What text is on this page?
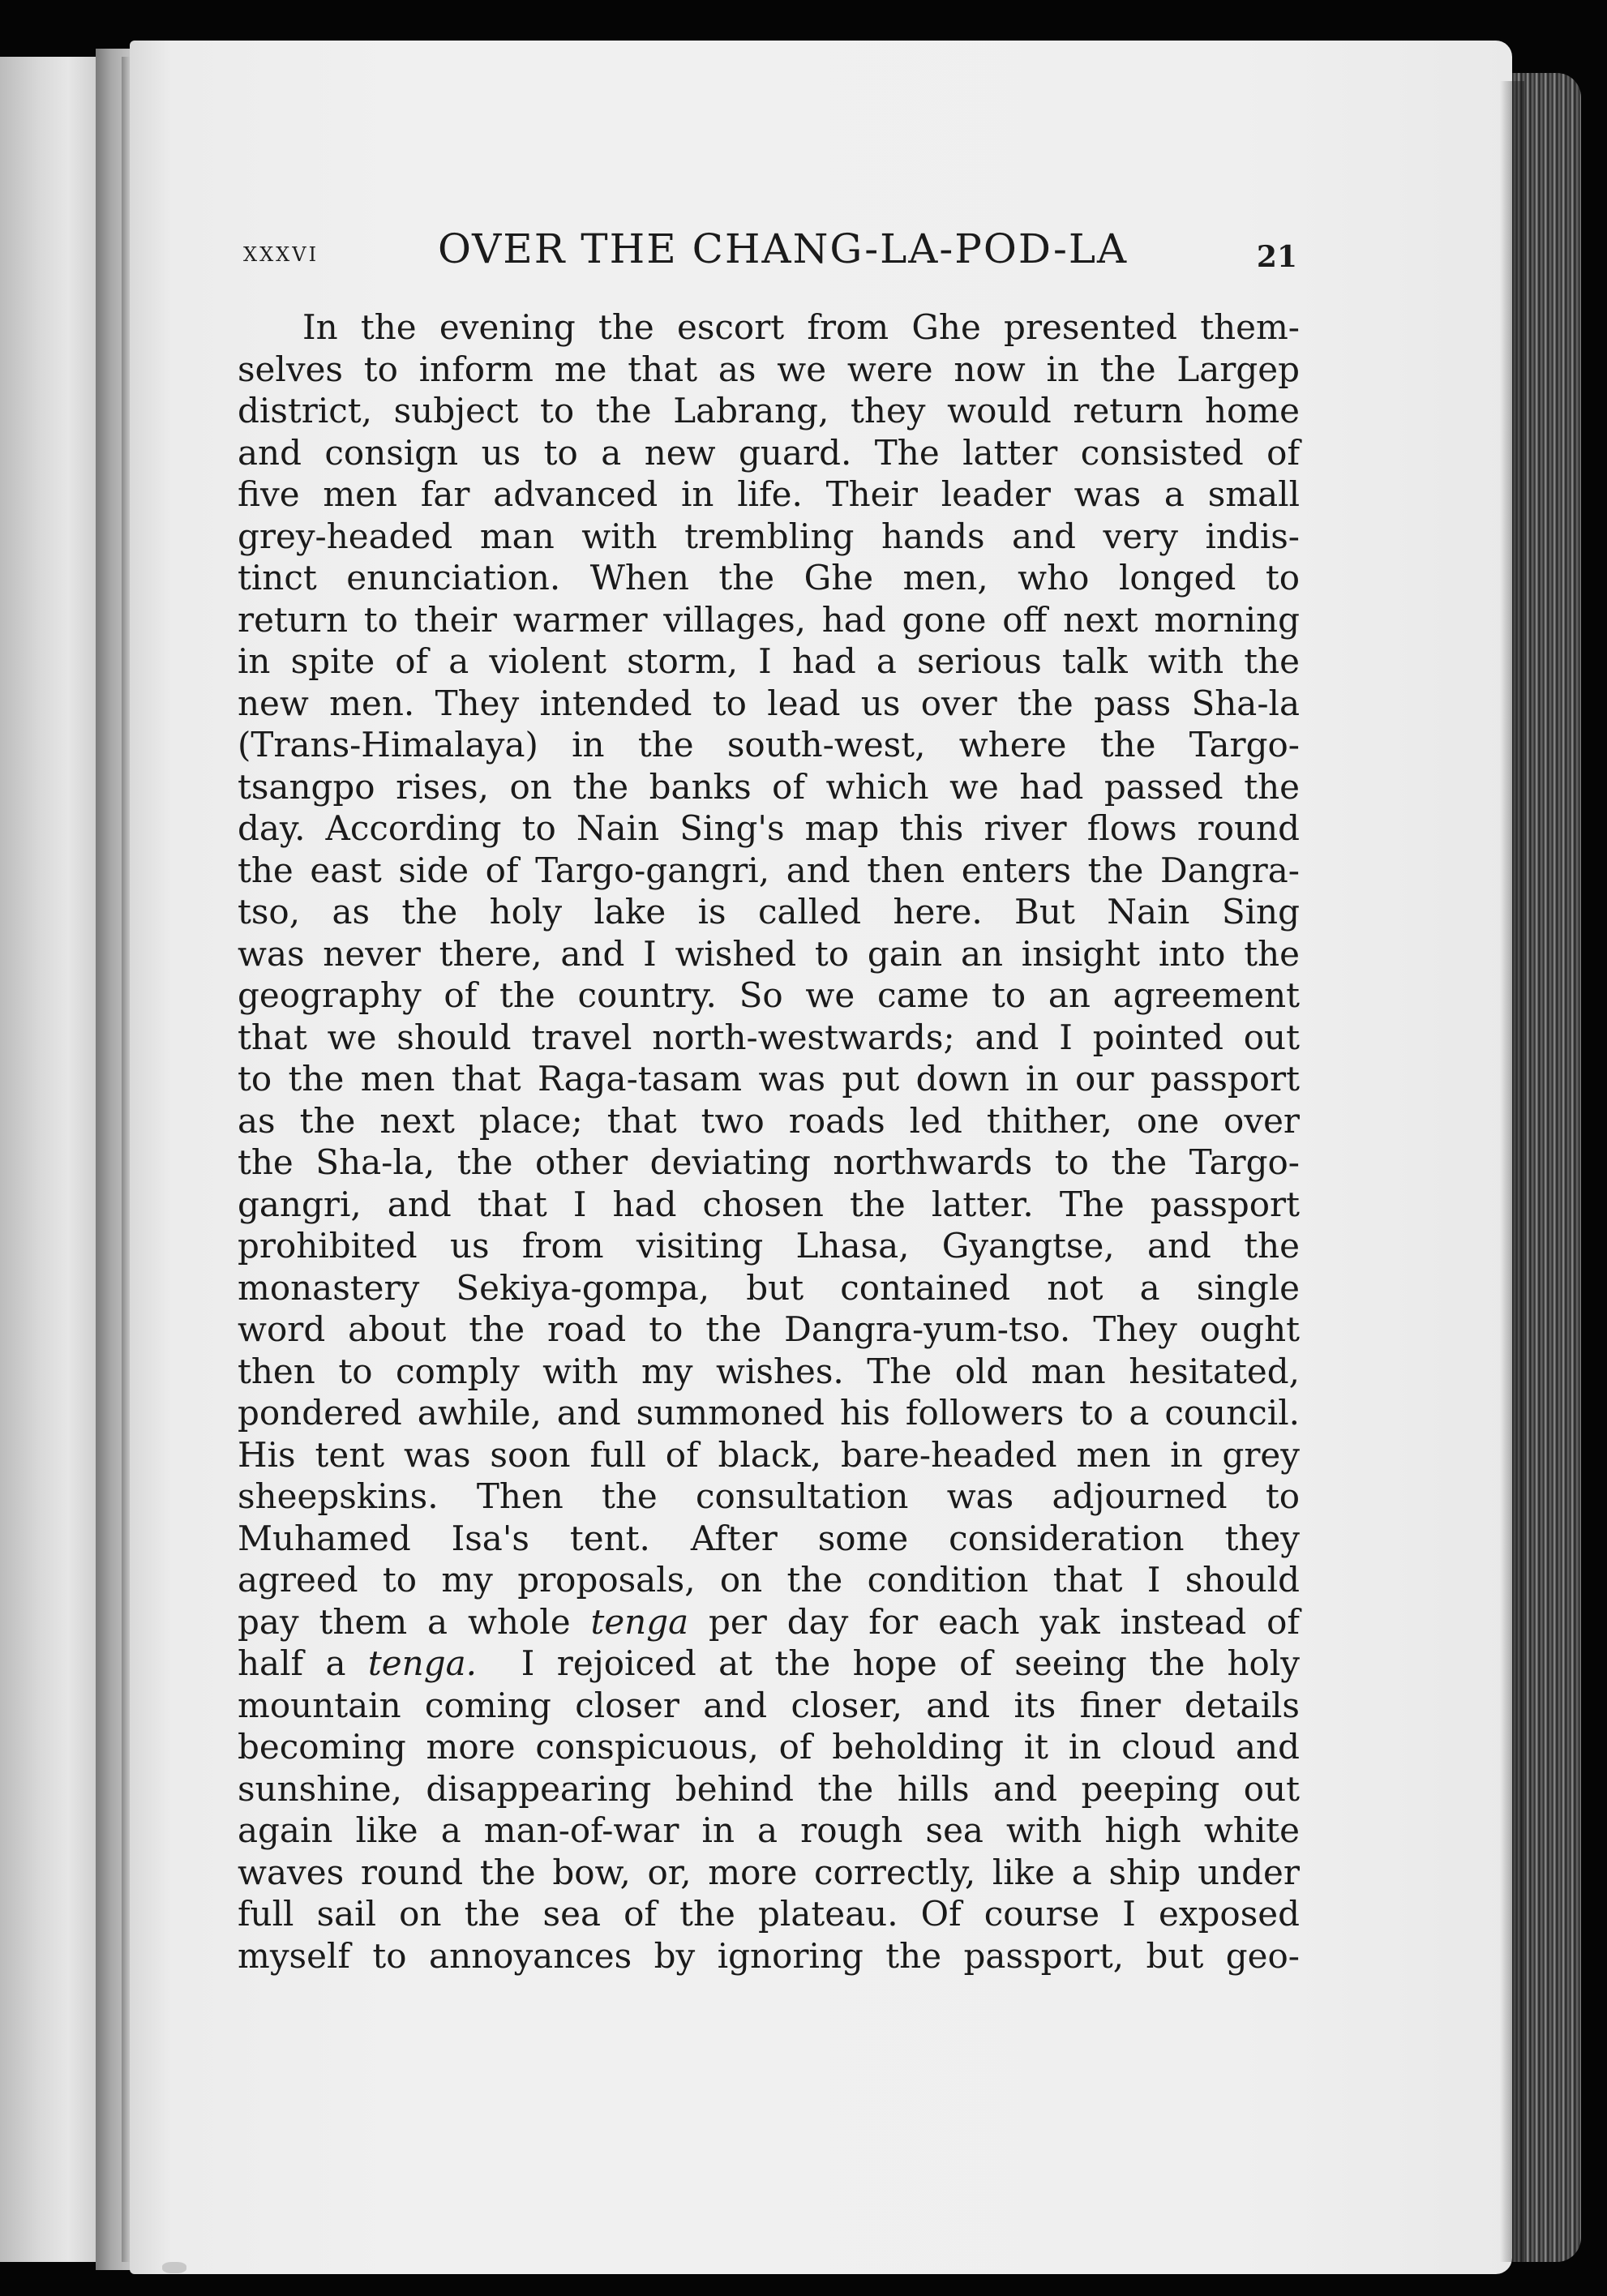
XXXVI	OVER THE CHANG-LA-POD-LA	21
In the evening the escort from Ghe presented them-
selves to inform me that as we were now in the Largep
district, subject to the Labrang, they would return home
and consign us to a new guard. The latter consisted of
five men far advanced in life. Their leader was a small
grey-headed man with trembling hands and very indis-
tinct enunciation. When the Ghe men, who longed to
return to their warmer villages, had gone off next morning
in spite of a violent storm, I had a serious talk with the
new men. They intended to lead us over the pass Sha-la
(Trans-Himalaya) in the south-west, where the Targo-
tsangpo rises, on the banks of which we had passed the
day. According to Nain Sing's map this river flows round
the east side of Targo-gangri, and then enters the Dangra-
tso, as the holy lake is called here. But Nain Sing
was never there, and I wished to gain an insight into the
geography of the country. So we came to an agreement
that we should travel north-westwards; and I pointed out
to the men that Raga-tasam was put down in our passport
as the next place; that two roads led thither, one over
the Sha-la, the other deviating northwards to the Targo-
gangri, and that I had chosen the latter. The passport
prohibited us from visiting Lhasa, Gyangtse, and the
monastery Sekiya-gompa, but contained not a single
word about the road to the Dangra-yum-tso. They ought
then to comply with my wishes. The old man hesitated,
pondered awhile, and summoned his followers to a council.
His tent was soon full of black, bare-headed men in grey
sheepskins. Then the consultation was adjourned to
Muhamed Isa's tent. After some consideration they
agreed to my proposals, on the condition that I should
pay them a whole tenga per day for each yak instead of
half a tenga. I rejoiced at the hope of seeing the holy
mountain coming closer and closer, and its finer details
becoming more conspicuous, of beholding it in cloud and
sunshine, disappearing behind the hills and peeping out
again like a man-of-war in a rough sea with high white
waves round the bow, or, more correctly, like a ship under
full sail on the sea of the plateau. Of course I exposed
myself to annoyances by ignoring the passport, but geo-
